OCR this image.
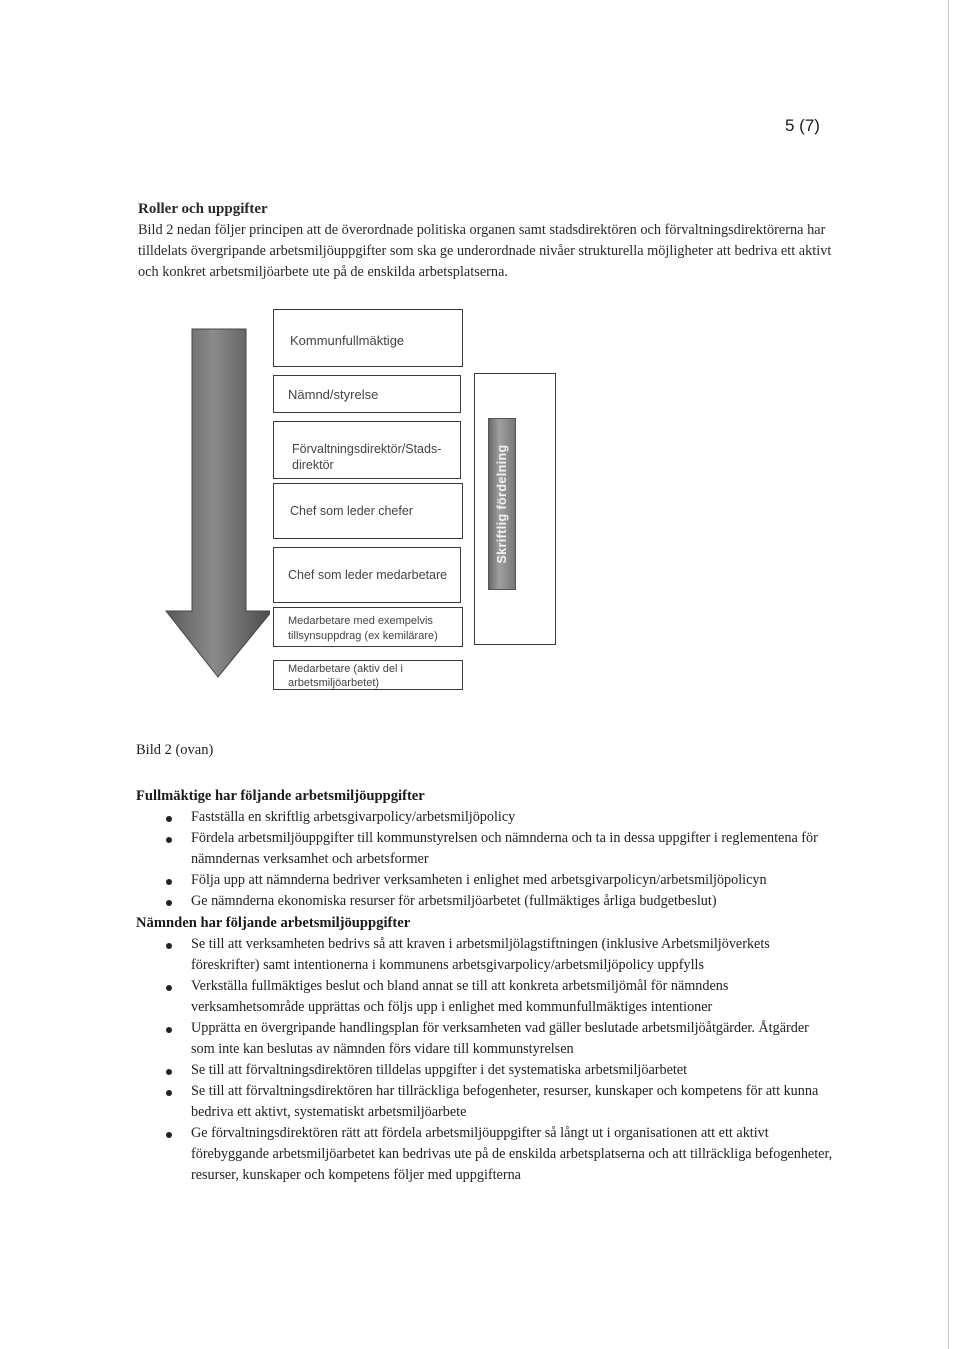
5 (7)
Roller och uppgifter

Bild 2 nedan följer principen att de överordnade politiska organen samt stadsdirektören och förvaltningsdirektörerna har tilldelats övergripande arbetsmiljöuppgifter som ska ge underordnade nivåer strukturella möjligheter att bedriva ett aktivt och konkret arbetsmiljöarbete ute på de enskilda arbetsplatserna.

Kommunfullmäktige
Nämnd/styrelse
Förvaltningsdirektör/Stads-direktör
Chef som leder chefer
Chef som leder medarbetare
Medarbetare med exempelvis tillsynsuppdrag (ex kemilärare)
Medarbetare (aktiv del i arbetsmiljöarbetet)
Skriftlig fördelning
Bild 2 (ovan)
Fullmäktige har följande arbetsmiljöuppgifter
Fastställa en skriftlig arbetsgivarpolicy/arbetsmiljöpolicy
Fördela arbetsmiljöuppgifter till kommunstyrelsen och nämnderna och ta in dessa uppgifter i reglementena för nämndernas verksamhet och arbetsformer
Följa upp att nämnderna bedriver verksamheten i enlighet med arbetsgivarpolicyn/arbetsmiljöpolicyn
Ge nämnderna ekonomiska resurser för arbetsmiljöarbetet (fullmäktiges årliga budgetbeslut)
Nämnden har följande arbetsmiljöuppgifter
Se till att verksamheten bedrivs så att kraven i arbetsmiljölagstiftningen (inklusive Arbetsmiljöverkets föreskrifter) samt intentionerna i kommunens arbetsgivarpolicy/arbetsmiljöpolicy uppfylls
Verkställa fullmäktiges beslut och bland annat se till att konkreta arbetsmiljömål för nämndens verksamhetsområde upprättas och följs upp i enlighet med kommunfullmäktiges intentioner
Upprätta en övergripande handlingsplan för verksamheten vad gäller beslutade arbetsmiljöåtgärder. Åtgärder som inte kan beslutas av nämnden förs vidare till kommunstyrelsen
Se till att förvaltningsdirektören tilldelas uppgifter i det systematiska arbetsmiljöarbetet
Se till att förvaltningsdirektören har tillräckliga befogenheter, resurser, kunskaper och kompetens för att kunna bedriva ett aktivt, systematiskt arbetsmiljöarbete
Ge förvaltningsdirektören rätt att fördela arbetsmiljöuppgifter så långt ut i organisationen att ett aktivt förebyggande arbetsmiljöarbetet kan bedrivas ute på de enskilda arbetsplatserna och att tillräckliga befogenheter, resurser, kunskaper och kompetens följer med uppgifterna
